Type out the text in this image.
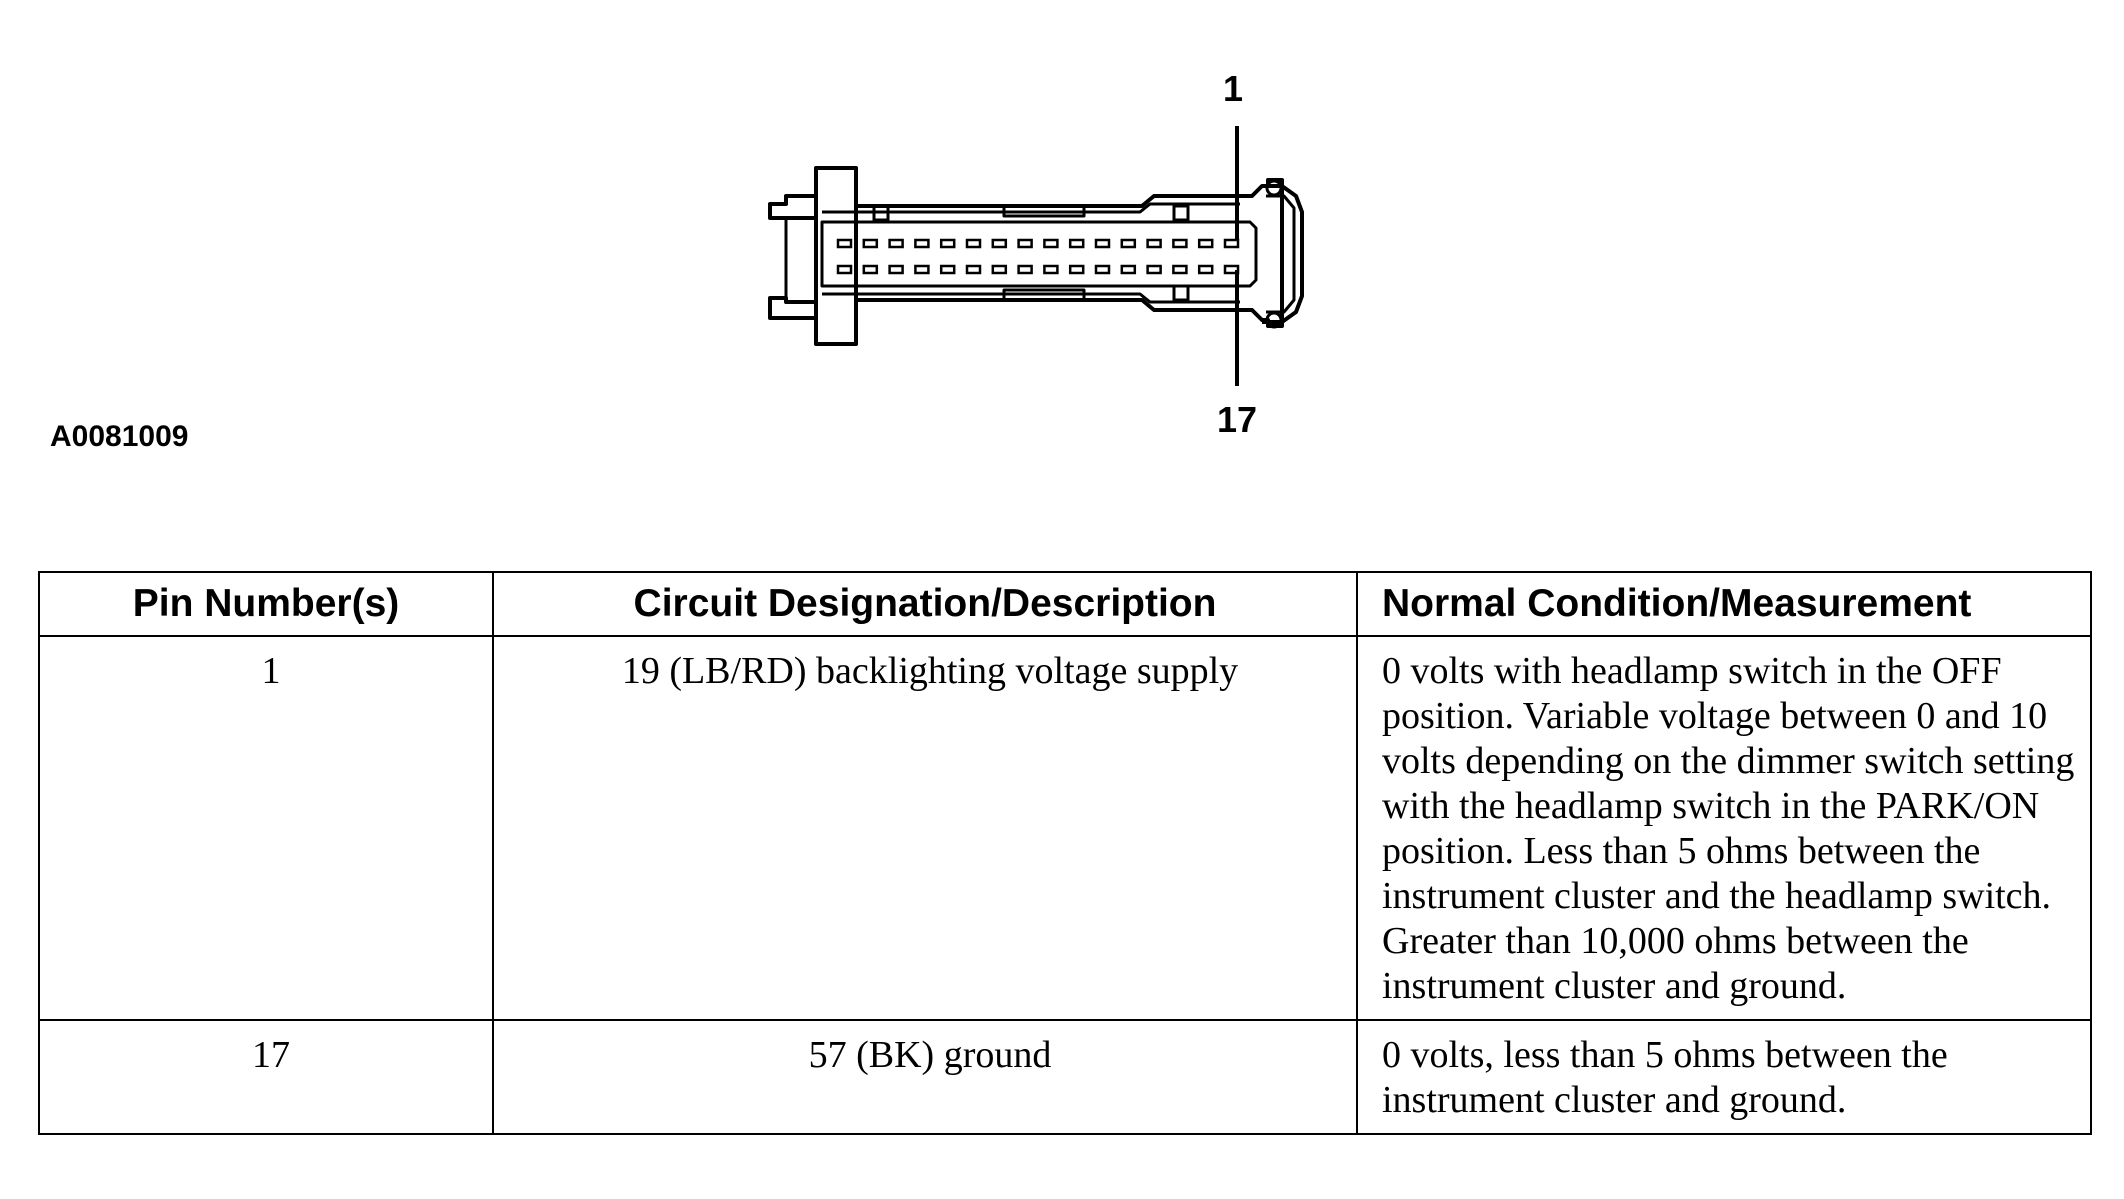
1
17
A0081009
Pin Number(s)	Circuit Designation/Description	Normal Condition/Measurement
1	19 (LB/RD) backlighting voltage supply	0 volts with headlamp switch in the OFF position. Variable voltage between 0 and 10 volts depending on the dimmer switch setting with the headlamp switch in the PARK/ON position. Less than 5 ohms between the instrument cluster and the headlamp switch. Greater than 10,000 ohms between the instrument cluster and ground.
17	57 (BK) ground	0 volts, less than 5 ohms between the instrument cluster and ground.
